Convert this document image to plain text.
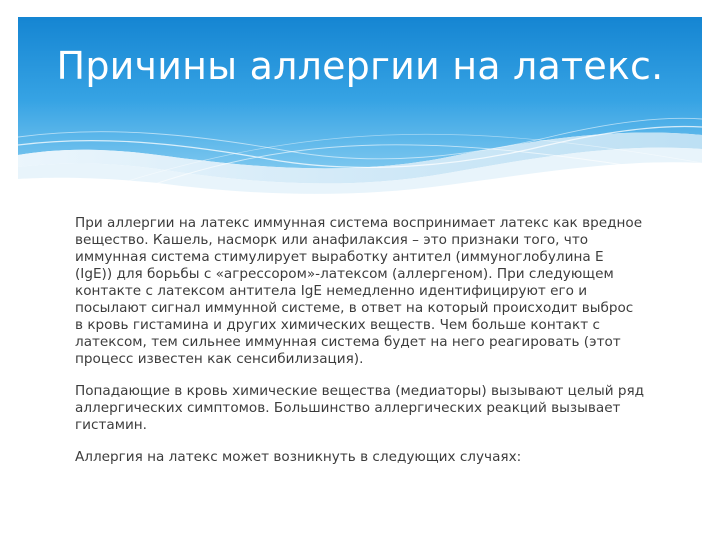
Причины аллергии на латекс.

При аллергии на латекс иммунная система воспринимает латекс как вредное вещество. Кашель, насморк или анафилаксия – это признаки того, что иммунная система стимулирует выработку антител (иммуноглобулина Е (IgE)) для борьбы с «агрессором»-латексом (аллергеном). При следующем контакте с латексом антитела IgE немедленно идентифицируют его и посылают сигнал иммунной системе, в ответ на который происходит выброс в кровь гистамина и других химических веществ. Чем больше контакт с латексом, тем сильнее иммунная система будет на него реагировать (этот процесс известен как сенсибилизация).

Попадающие в кровь химические вещества (медиаторы) вызывают целый ряд аллергических симптомов. Большинство аллергических реакций вызывает гистамин.

Аллергия на латекс может возникнуть в следующих случаях:
